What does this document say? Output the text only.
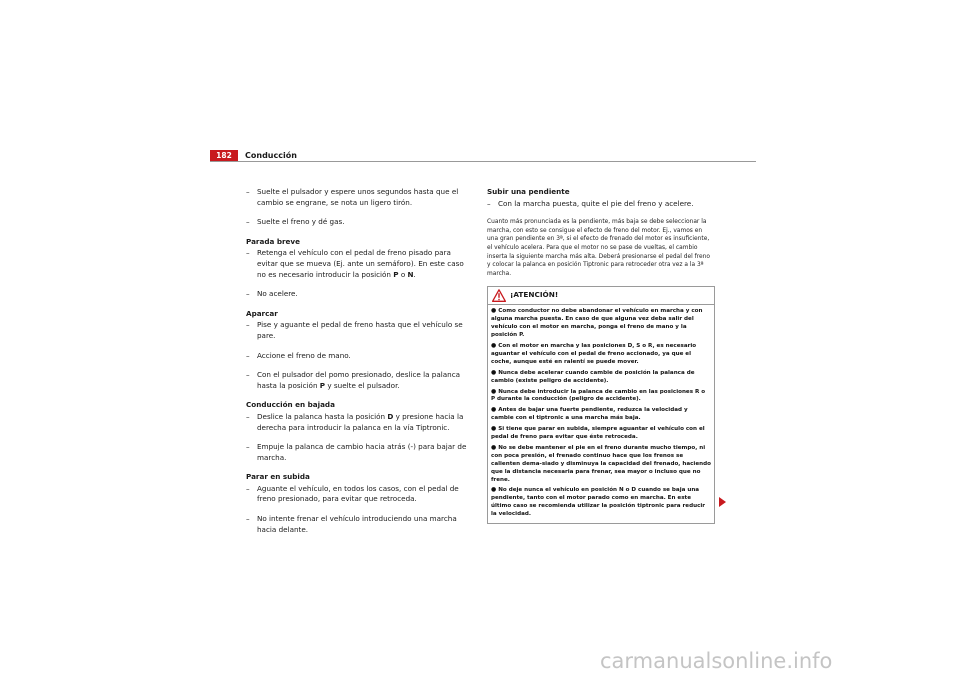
182	Conducción
– Suelte el pulsador y espere unos segundos hasta que el cambio se engrane, se nota un ligero tirón.
– Suelte el freno y dé gas.
Parada breve
– Retenga el vehículo con el pedal de freno pisado para evitar que se mueva (Ej. ante un semáforo). En este caso no es necesario introducir la posición P o N.
– No acelere.
Aparcar
– Pise y aguante el pedal de freno hasta que el vehículo se pare.
– Accione el freno de mano.
– Con el pulsador del pomo presionado, deslice la palanca hasta la posición P y suelte el pulsador.
Conducción en bajada
– Deslice la palanca hasta la posición D y presione hacia la derecha para introducir la palanca en la vía Tiptronic.
– Empuje la palanca de cambio hacia atrás (-) para bajar de marcha.
Parar en subida
– Aguante el vehículo, en todos los casos, con el pedal de freno presionado, para evitar que retroceda.
– No intente frenar el vehículo introduciendo una marcha hacia delante.
Subir una pendiente
– Con la marcha puesta, quite el pie del freno y acelere.
Cuanto más pronunciada es la pendiente, más baja se debe seleccionar la marcha, con esto se consigue el efecto de freno del motor. Ej., vamos en una gran pendiente en 3ª, si el efecto de frenado del motor es insuficiente, el vehículo acelera. Para que el motor no se pase de vueltas, el cambio inserta la siguiente marcha más alta. Deberá presionarse el pedal del freno y colocar la palanca en posición Tiptronic para retroceder otra vez a la 3ª marcha.
¡ATENCIÓN!
● Como conductor no debe abandonar el vehículo en marcha y con alguna marcha puesta. En caso de que alguna vez deba salir del vehículo con el motor en marcha, ponga el freno de mano y la posición P.
● Con el motor en marcha y las posiciones D, S o R, es necesario aguantar el vehículo con el pedal de freno accionado, ya que el coche, aunque esté en ralentí se puede mover.
● Nunca debe acelerar cuando cambie de posición la palanca de cambio (existe peligro de accidente).
● Nunca debe introducir la palanca de cambio en las posiciones R o P durante la conducción (peligro de accidente).
● Antes de bajar una fuerte pendiente, reduzca la velocidad y cambie con el tiptronic a una marcha más baja.
● Si tiene que parar en subida, siempre aguantar el vehículo con el pedal de freno para evitar que éste retroceda.
● No se debe mantener el pie en el freno durante mucho tiempo, ni con poca presión, el frenado continuo hace que los frenos se calienten dema-siado y disminuya la capacidad del frenado, haciendo que la distancia necesaria para frenar, sea mayor o incluso que no frene.
● No deje nunca el vehículo en posición N o D cuando se baja una pendiente, tanto con el motor parado como en marcha. En este último caso se recomienda utilizar la posición tiptronic para reducir la velocidad.
carmanualsonline.info
